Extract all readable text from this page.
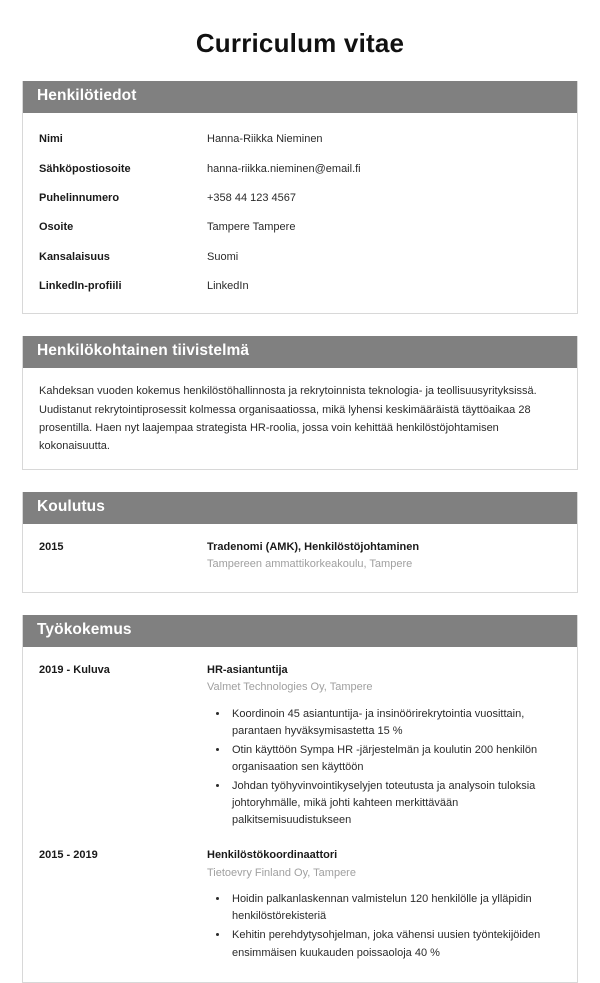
Curriculum vitae
Henkilötiedot
Nimi	Hanna-Riikka Nieminen
Sähköpostiosoite	hanna-riikka.nieminen@email.fi
Puhelinnumero	+358 44 123 4567
Osoite	Tampere Tampere
Kansalaisuus	Suomi
LinkedIn-profiili	LinkedIn
Henkilökohtainen tiivistelmä

Kahdeksan vuoden kokemus henkilöstöhallinnosta ja rekrytoinnista teknologia- ja teollisuusyrityksissä. Uudistanut rekrytointiprosessit kolmessa organisaatiossa, mikä lyhensi keskimääräistä täyttöaikaa 28 prosentilla. Haen nyt laajempaa strategista HR-roolia, jossa voin kehittää henkilöstöjohtamisen kokonaisuutta.

Koulutus
2015	Tradenomi (AMK), Henkilöstöjohtaminen
Tampereen ammattikorkeakoulu, Tampere
Työkokemus
2019 - Kuluva	HR-asiantuntija
Valmet Technologies Oy, Tampere
• Koordinoin 45 asiantuntija- ja insinöörirekrytointia vuosittain, parantaen hyväksymisastetta 15 %
• Otin käyttöön Sympa HR -järjestelmän ja koulutin 200 henkilön organisaation sen käyttöön
• Johdan työhyvinvointikyselyjen toteutusta ja analysoin tuloksia johtoryhmälle, mikä johti kahteen merkittävään palkitsemisuudistukseen
2015 - 2019	Henkilöstökoordinaattori
Tietoevry Finland Oy, Tampere
• Hoidin palkanlaskennan valmistelun 120 henkilölle ja ylläpidin henkilöstörekisteriä
• Kehitin perehdytysohjelman, joka vähensi uusien työntekijöiden ensimmäisen kuukauden poissaoloja 40 %
